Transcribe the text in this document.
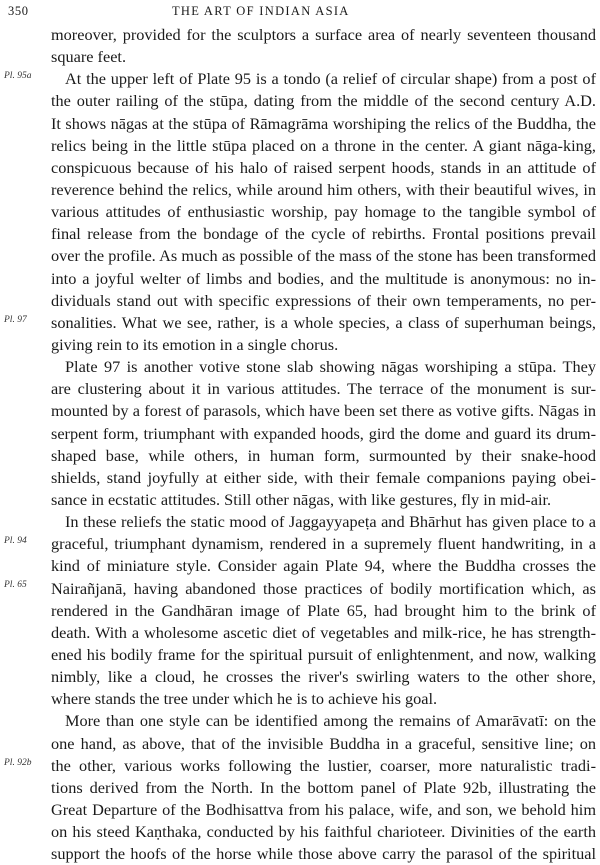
350	THE ART OF INDIAN ASIA
Pl. 95a
Pl. 97
Pl. 94
Pl. 65
Pl. 92b

moreover, provided for the sculptors a surface area of nearly seventeen thousand
square feet.

At the upper left of Plate 95 is a tondo (a relief of circular shape) from a post of
the outer railing of the stūpa, dating from the middle of the second century A.D.
It shows nāgas at the stūpa of Rāmagrāma worshiping the relics of the Buddha, the
relics being in the little stūpa placed on a throne in the center. A giant nāga-king,
conspicuous because of his halo of raised serpent hoods, stands in an attitude of
reverence behind the relics, while around him others, with their beautiful wives, in
various attitudes of enthusiastic worship, pay homage to the tangible symbol of
final release from the bondage of the cycle of rebirths. Frontal positions prevail
over the profile. As much as possible of the mass of the stone has been transformed
into a joyful welter of limbs and bodies, and the multitude is anonymous: no in-
dividuals stand out with specific expressions of their own temperaments, no per-
sonalities. What we see, rather, is a whole species, a class of superhuman beings,
giving rein to its emotion in a single chorus.

Plate 97 is another votive stone slab showing nāgas worshiping a stūpa. They
are clustering about it in various attitudes. The terrace of the monument is sur-
mounted by a forest of parasols, which have been set there as votive gifts. Nāgas in
serpent form, triumphant with expanded hoods, gird the dome and guard its drum-
shaped base, while others, in human form, surmounted by their snake-hood
shields, stand joyfully at either side, with their female companions paying obei-
sance in ecstatic attitudes. Still other nāgas, with like gestures, fly in mid-air.

In these reliefs the static mood of Jaggayyapeṭa and Bhārhut has given place to a
graceful, triumphant dynamism, rendered in a supremely fluent handwriting, in a
kind of miniature style. Consider again Plate 94, where the Buddha crosses the
Nairañjanā, having abandoned those practices of bodily mortification which, as
rendered in the Gandhāran image of Plate 65, had brought him to the brink of
death. With a wholesome ascetic diet of vegetables and milk-rice, he has strength-
ened his bodily frame for the spiritual pursuit of enlightenment, and now, walking
nimbly, like a cloud, he crosses the river's swirling waters to the other shore,
where stands the tree under which he is to achieve his goal.

More than one style can be identified among the remains of Amarāvatī: on the
one hand, as above, that of the invisible Buddha in a graceful, sensitive line; on
the other, various works following the lustier, coarser, more naturalistic tradi-
tions derived from the North. In the bottom panel of Plate 92b, illustrating the
Great Departure of the Bodhisattva from his palace, wife, and son, we behold him
on his steed Kaṇthaka, conducted by his faithful charioteer. Divinities of the earth
support the hoofs of the horse while those above carry the parasol of the spiritual
